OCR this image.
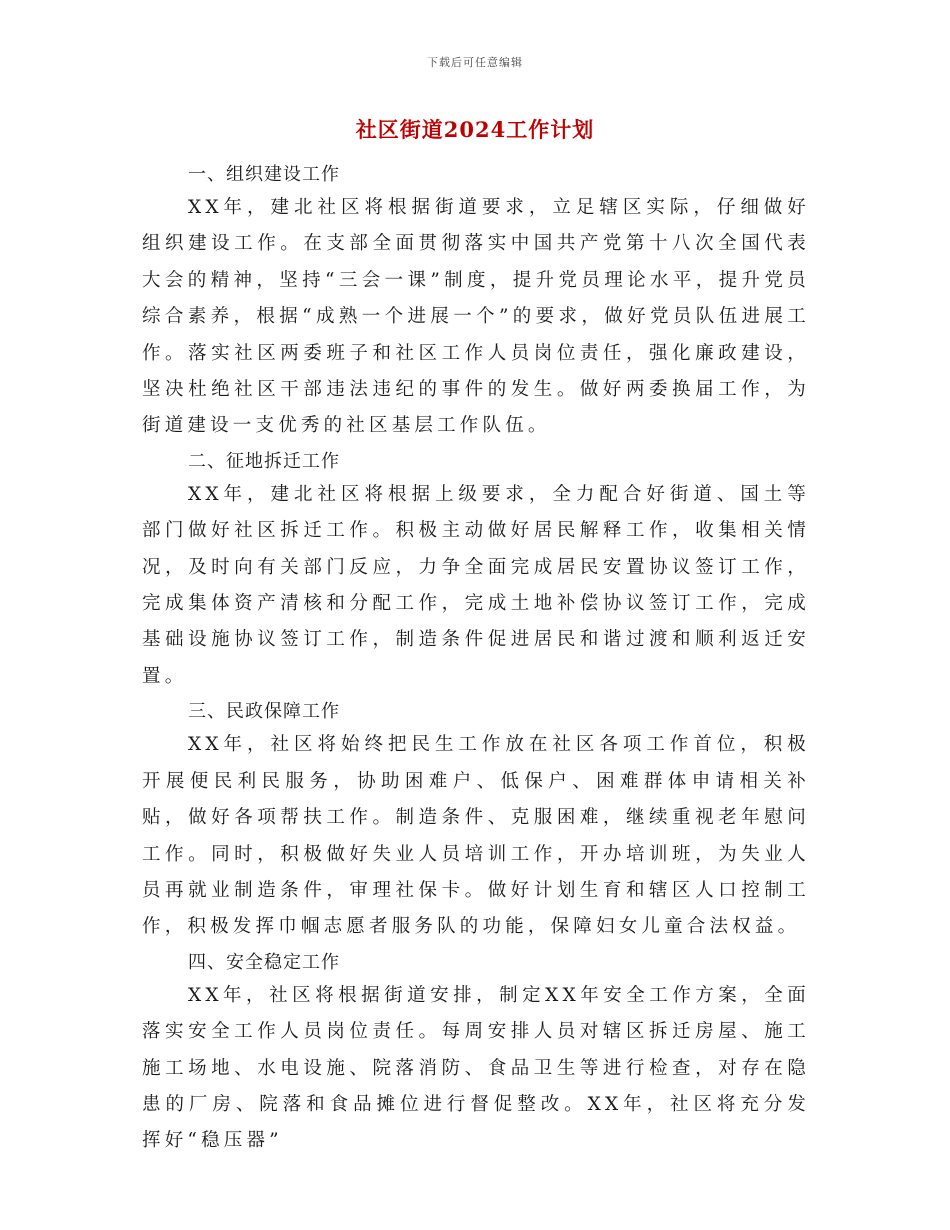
下载后可任意编辑
社区街道2024工作计划

一、组织建设工作

XX年，建北社区将根据街道要求，立足辖区实际，仔细做好组织建设工作。在支部全面贯彻落实中国共产党第十八次全国代表大会的精神，坚持“三会一课”制度，提升党员理论水平，提升党员综合素养，根据“成熟一个进展一个”的要求，做好党员队伍进展工作。落实社区两委班子和社区工作人员岗位责任，强化廉政建设，坚决杜绝社区干部违法违纪的事件的发生。做好两委换届工作，为街道建设一支优秀的社区基层工作队伍。

二、征地拆迁工作

XX年，建北社区将根据上级要求，全力配合好街道、国土等部门做好社区拆迁工作。积极主动做好居民解释工作，收集相关情况，及时向有关部门反应，力争全面完成居民安置协议签订工作，完成集体资产清核和分配工作，完成土地补偿协议签订工作，完成基础设施协议签订工作，制造条件促进居民和谐过渡和顺利返迁安置。

三、民政保障工作

XX年，社区将始终把民生工作放在社区各项工作首位，积极开展便民利民服务，协助困难户、低保户、困难群体申请相关补贴，做好各项帮扶工作。制造条件、克服困难，继续重视老年慰问工作。同时，积极做好失业人员培训工作，开办培训班，为失业人员再就业制造条件，审理社保卡。做好计划生育和辖区人口控制工作，积极发挥巾帼志愿者服务队的功能，保障妇女儿童合法权益。

四、安全稳定工作

XX年，社区将根据街道安排，制定XX年安全工作方案，全面落实安全工作人员岗位责任。每周安排人员对辖区拆迁房屋、施工施工场地、水电设施、院落消防、食品卫生等进行检查，对存在隐患的厂房、院落和食品摊位进行督促整改。XX年，社区将充分发挥好“稳压器”
